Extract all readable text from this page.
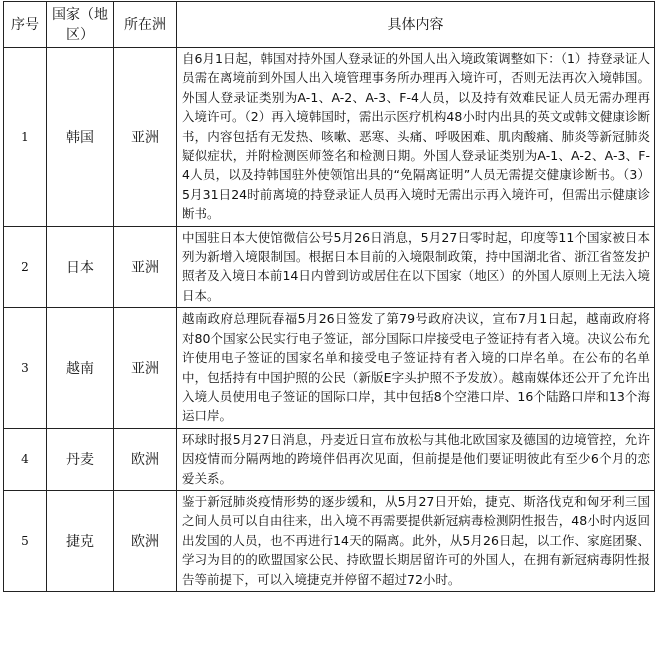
序号	国家（地区）	所在洲	具体内容
1	韩国	亚洲	自6月1日起，韩国对持外国人登录证的外国人出入境政策调整如下：（1）持登录证人员需在离境前到外国人出入境管理事务所办理再入境许可，否则无法再次入境韩国。外国人登录证类别为A-1、A-2、A-3、F-4人员，以及持有效难民证人员无需办理再入境许可。（2）再入境韩国时，需出示医疗机构48小时内出具的英文或韩文健康诊断书，内容包括有无发热、咳嗽、恶寒、头痛、呼吸困难、肌肉酸痛、肺炎等新冠肺炎疑似症状，并附检测医师签名和检测日期。外国人登录证类别为A-1、A-2、A-3、F-4人员，以及持韩国驻外使领馆出具的“免隔离证明”人员无需提交健康诊断书。（3）5月31日24时前离境的持登录证人员再入境时无需出示再入境许可，但需出示健康诊断书。
2	日本	亚洲	中国驻日本大使馆微信公号5月26日消息，5月27日零时起，印度等11个国家被日本列为新增入境限制国。根据日本目前的入境限制政策，持中国湖北省、浙江省签发护照者及入境日本前14日内曾到访或居住在以下国家（地区）的外国人原则上无法入境日本。
3	越南	亚洲	越南政府总理阮春福5月26日签发了第79号政府决议，宣布7月1日起，越南政府将对80个国家公民实行电子签证，部分国际口岸接受电子签证持有者入境。决议公布允许使用电子签证的国家名单和接受电子签证持有者入境的口岸名单。在公布的名单中，包括持有中国护照的公民（新版E字头护照不予发放）。越南媒体还公开了允许出入境人员使用电子签证的国际口岸，其中包括8个空港口岸、16个陆路口岸和13个海运口岸。
4	丹麦	欧洲	环球时报5月27日消息，丹麦近日宣布放松与其他北欧国家及德国的边境管控，允许因疫情而分隔两地的跨境伴侣再次见面，但前提是他们要证明彼此有至少6个月的恋爱关系。
5	捷克	欧洲	鉴于新冠肺炎疫情形势的逐步缓和，从5月27日开始，捷克、斯洛伐克和匈牙利三国之间人员可以自由往来，出入境不再需要提供新冠病毒检测阴性报告，48小时内返回出发国的人员，也不再进行14天的隔离。此外，从5月26日起，以工作、家庭团聚、学习为目的的欧盟国家公民、持欧盟长期居留许可的外国人，在拥有新冠病毒阴性报告等前提下，可以入境捷克并停留不超过72小时。
